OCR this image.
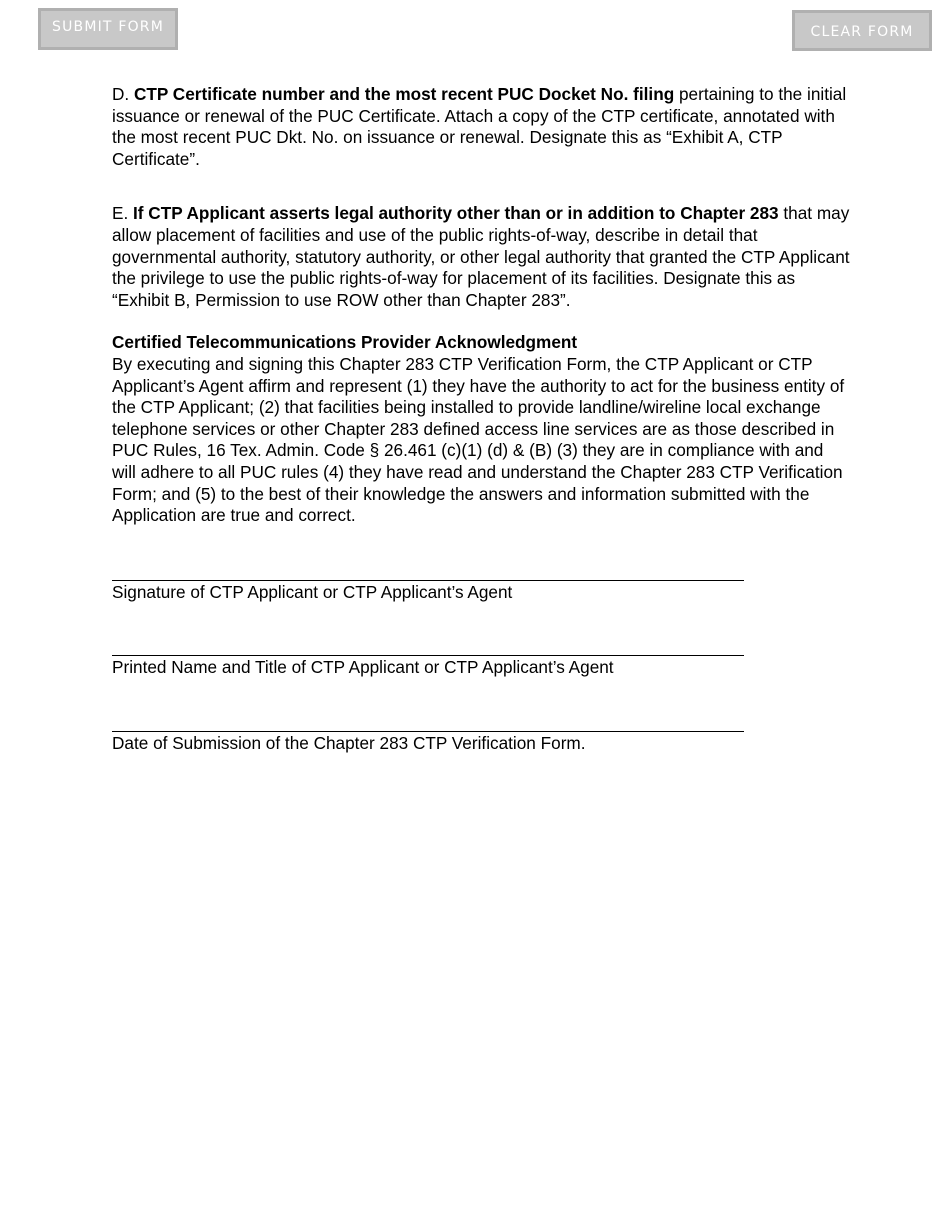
SUBMIT FORM	CLEAR FORM

D. CTP Certificate number and the most recent PUC Docket No. filing pertaining to the initial issuance or renewal of the PUC Certificate. Attach a copy of the CTP certificate, annotated with the most recent PUC Dkt. No. on issuance or renewal. Designate this as “Exhibit A, CTP Certificate”.

E. If CTP Applicant asserts legal authority other than or in addition to Chapter 283 that may allow placement of facilities and use of the public rights-of-way, describe in detail that governmental authority, statutory authority, or other legal authority that granted the CTP Applicant the privilege to use the public rights-of-way for placement of its facilities. Designate this as “Exhibit B, Permission to use ROW other than Chapter 283”.

Certified Telecommunications Provider Acknowledgment

By executing and signing this Chapter 283 CTP Verification Form, the CTP Applicant or CTP

Applicant’s Agent affirm and represent (1) they have the authority to act for the business entity of the CTP Applicant; (2) that facilities being installed to provide landline/wireline local exchange telephone services or other Chapter 283 defined access line services are as those described in PUC Rules, 16 Tex. Admin. Code § 26.461 (c)(1) (d) & (B) (3) they are in compliance with and will adhere to all PUC rules (4) they have read and understand the Chapter 283 CTP Verification Form; and (5) to the best of their knowledge the answers and information submitted with the Application are true and correct.

Signature of CTP Applicant or CTP Applicant’s Agent
Printed Name and Title of CTP Applicant or CTP Applicant’s Agent
Date of Submission of the Chapter 283 CTP Verification Form.
